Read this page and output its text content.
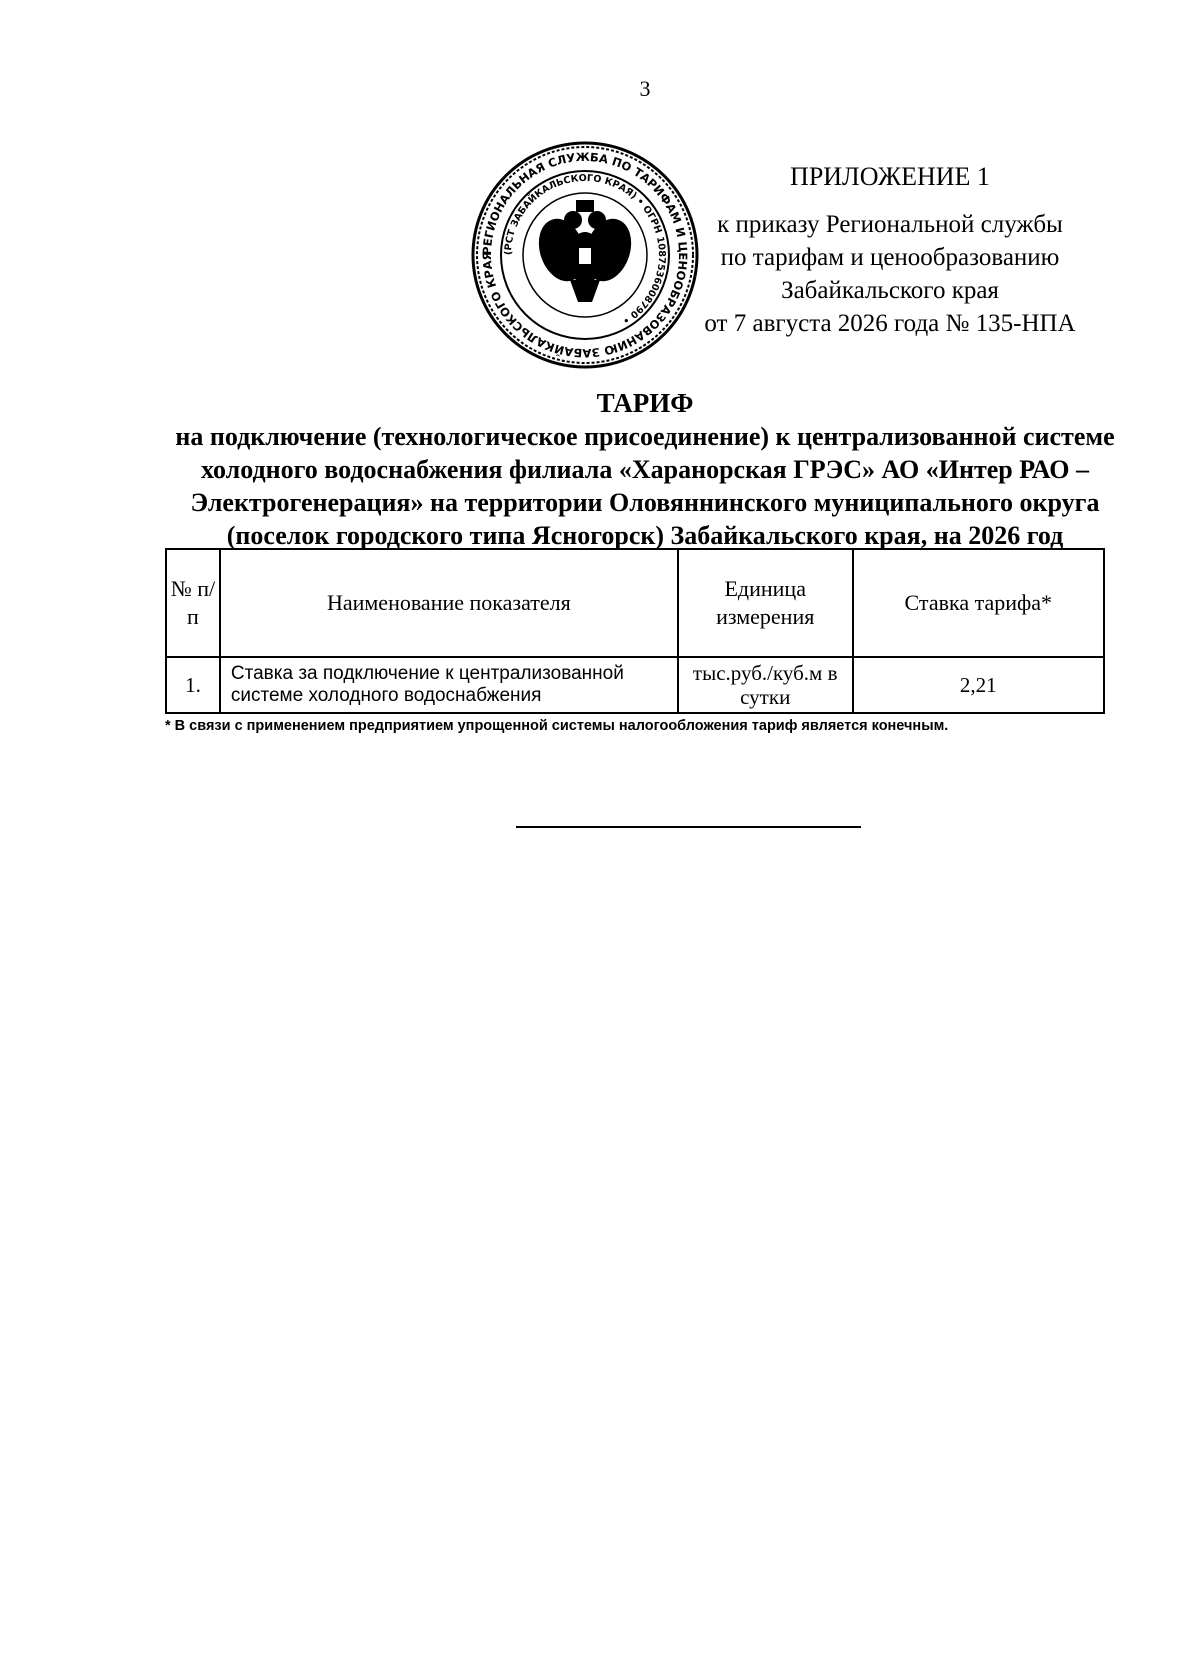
3
РЕГИОНАЛЬНАЯ СЛУЖБА ПО ТАРИФАМ И ЦЕНООБРАЗОВАНИЮ ЗАБАЙКАЛЬСКОГО КРАЯ (РСТ ЗАБАЙКАЛЬСКОГО КРАЯ) • ОГРН 1087536008790 •
ПРИЛОЖЕНИЕ 1
к приказу Региональной службы
по тарифам и ценообразованию
Забайкальского края
от 7 августа 2026 года № 135-НПА
ТАРИФ
на подключение (технологическое присоединение) к централизованной системе холодного водоснабжения филиала «Харанорская ГРЭС» АО «Интер РАО – Электрогенерация» на территории Оловяннинского муниципального округа (поселок городского типа Ясногорск) Забайкальского края, на 2026 год
№ п/п	Наименование показателя	Единица измерения	Ставка тарифа*
1.	Ставка за подключение к централизованной системе холодного водоснабжения	тыс.руб./куб.м в сутки	2,21
* В связи с применением предприятием упрощенной системы налогообложения тариф является конечным.
